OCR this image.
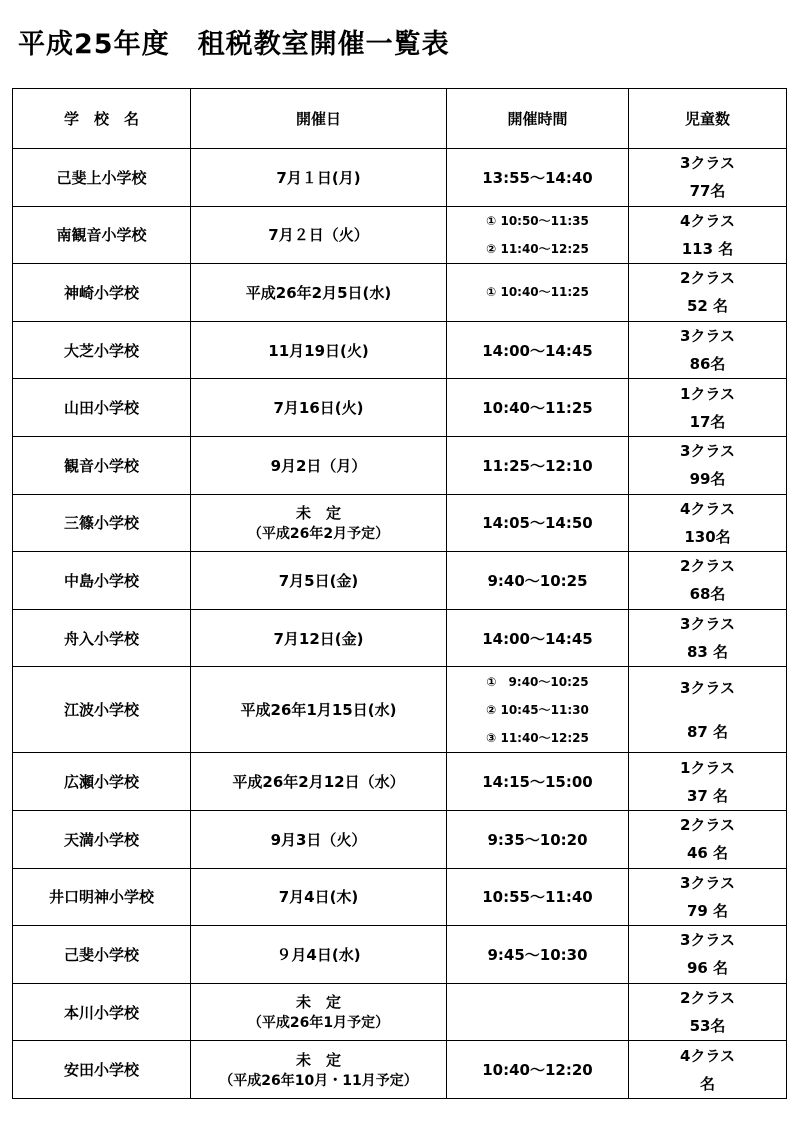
平成25年度　租税教室開催一覧表
学　校　名	開催日	開催時間	児童数
己斐上小学校	7月１日(月)	13:55～14:40	3クラス
77名

南観音小学校	7月２日（火）	① 10:50～11:35
② 11:40～12:25	4クラス
113 名

神崎小学校	平成26年2月5日(水)	① 10:40～11:25	2クラス
52 名

大芝小学校	11月19日(火)	14:00～14:45	3クラス
86名

山田小学校	7月16日(火)	10:40～11:25	1クラス
17名

観音小学校	9月2日（月）	11:25～12:10	3クラス
99名

三篠小学校	未　定
（平成26年2月予定）	14:05～14:50	4クラス
130名

中島小学校	7月5日(金)	9:40～10:25	2クラス
68名

舟入小学校	7月12日(金)	14:00～14:45	3クラス
83 名

江波小学校	平成26年1月15日(水)	①　9:40～10:25
② 10:45～11:30
③ 11:40～12:25	3クラス
87 名

広瀬小学校	平成26年2月12日（水）	14:15～15:00	1クラス
37 名

天満小学校	9月3日（火）	9:35～10:20	2クラス
46 名

井口明神小学校	7月4日(木)	10:55～11:40	3クラス
79 名

己斐小学校	９月4日(水)	9:45～10:30	3クラス
96 名

本川小学校	未　定
（平成26年1月予定）		2クラス
53名

安田小学校	未　定
（平成26年10月・11月予定）	10:40～12:20	4クラス
名
